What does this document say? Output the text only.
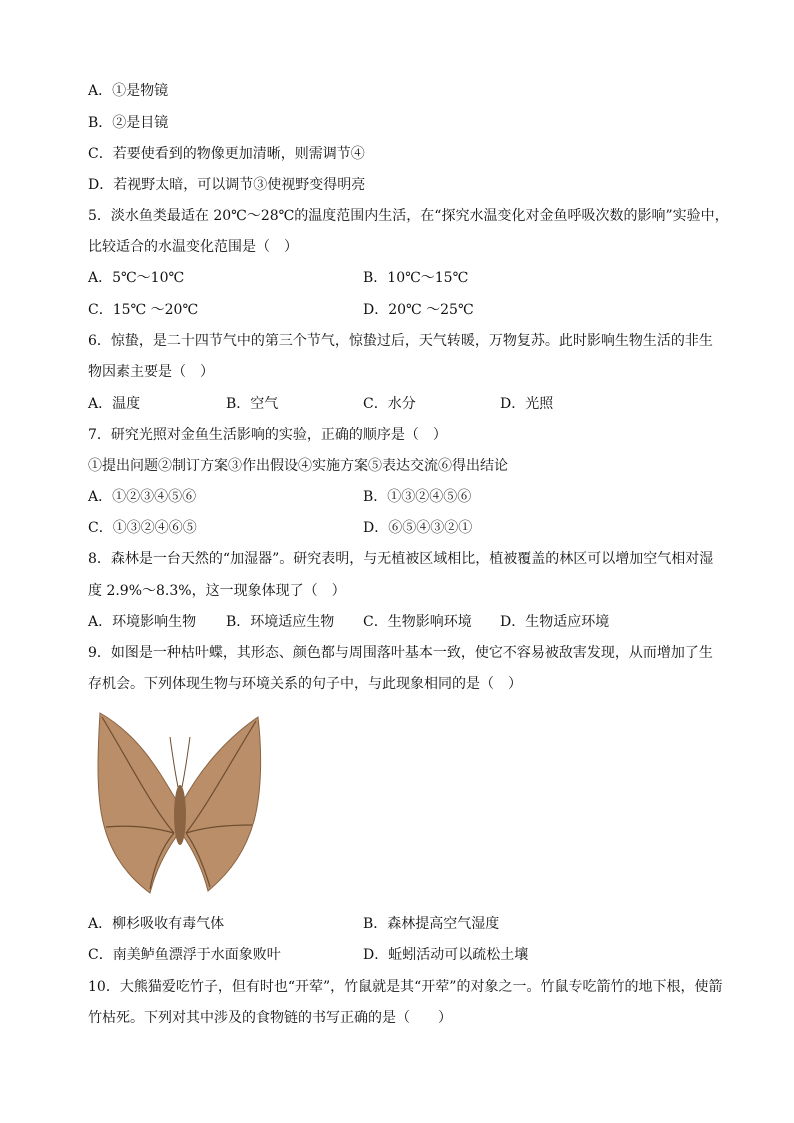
A．①是物镜
B．②是目镜
C．若要使看到的物像更加清晰，则需调节④
D．若视野太暗，可以调节③使视野变得明亮
5．淡水鱼类最适在 20℃～28℃的温度范围内生活，在“探究水温变化对金鱼呼吸次数的影响”实验中，
比较适合的水温变化范围是（　）
A．5℃～10℃	B．10℃～15℃
C．15℃ ～20℃	D．20℃ ～25℃
6．惊蛰，是二十四节气中的第三个节气，惊蛰过后，天气转暖，万物复苏。此时影响生物生活的非生
物因素主要是（　）
A．温度	B．空气	C．水分	D．光照
7．研究光照对金鱼生活影响的实验，正确的顺序是（　）
①提出问题②制订方案③作出假设④实施方案⑤表达交流⑥得出结论
A．①②③④⑤⑥	B．①③②④⑤⑥
C．①③②④⑥⑤	D．⑥⑤④③②①
8．森林是一台天然的“加湿器”。研究表明，与无植被区域相比，植被覆盖的林区可以增加空气相对湿
度 2.9%～8.3%，这一现象体现了（　）
A．环境影响生物 B．环境适应生物 C．生物影响环境 D．生物适应环境
9．如图是一种枯叶蝶，其形态、颜色都与周围落叶基本一致，使它不容易被敌害发现，从而增加了生
存机会。下列体现生物与环境关系的句子中，与此现象相同的是（　）
A．柳杉吸收有毒气体	B．森林提高空气湿度
C．南美鲈鱼漂浮于水面象败叶	D．蚯蚓活动可以疏松土壤
10．大熊猫爱吃竹子，但有时也“开荤”，竹鼠就是其“开荤”的对象之一。竹鼠专吃箭竹的地下根，使箭
竹枯死。下列对其中涉及的食物链的书写正确的是（　　）
